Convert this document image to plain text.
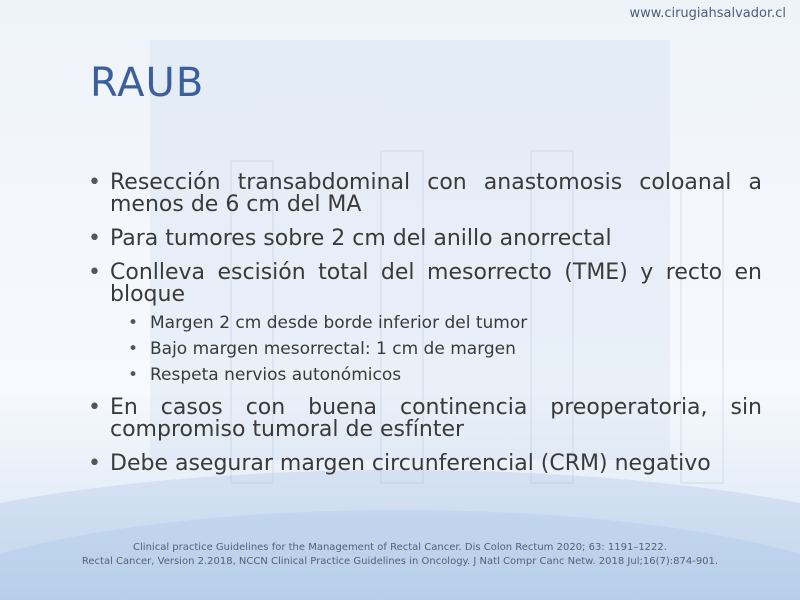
www.cirugiahsalvador.cl
RAUB
• Resección transabdominal con anastomosis coloanal a menos de 6 cm del MA
• Para tumores sobre 2 cm del anillo anorrectal
• Conlleva escisión total del mesorrecto (TME) y recto en bloque
• Margen 2 cm desde borde inferior del tumor
• Bajo margen mesorrectal: 1 cm de margen
• Respeta nervios autonómicos
• En casos con buena continencia preoperatoria, sin compromiso tumoral de esfínter
• Debe asegurar margen circunferencial (CRM) negativo
Clinical practice Guidelines for the Management of Rectal Cancer. Dis Colon Rectum 2020; 63: 1191–1222.
Rectal Cancer, Version 2.2018, NCCN Clinical Practice Guidelines in Oncology. J Natl Compr Canc Netw. 2018 Jul;16(7):874-901.
